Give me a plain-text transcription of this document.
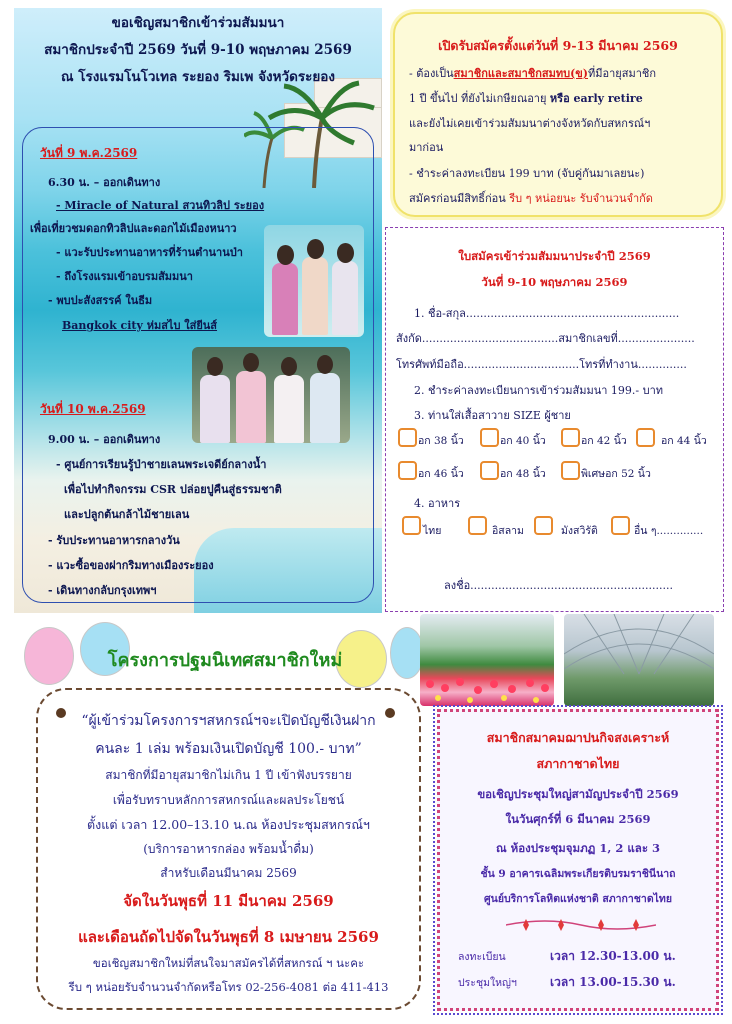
ขอเชิญสมาชิกเข้าร่วมสัมมนา
สมาชิกประจำปี 2569 วันที่ 9-10 พฤษภาคม 2569
ณ โรงแรมโนโวเทล ระยอง ริมเพ จังหวัดระยอง
วันที่ 9 พ.ค.2569
6.30 น. – ออกเดินทาง
- Miracle of Natural สวนทิวลิป ระยอง
เพื่อเที่ยวชมดอกทิวลิปและดอกไม้เมืองหนาว
- แวะรับประทานอาหารที่ร้านตำนานป่า
- ถึงโรงแรมเข้าอบรมสัมมนา
- พบปะสังสรรค์ ในธีม
Bangkok city ห่มสไบ ใส่ยีนส์
วันที่ 10 พ.ค.2569
9.00 น. – ออกเดินทาง
- ศูนย์การเรียนรู้ป่าชายเลนพระเจดีย์กลางน้ำ
เพื่อไปทำกิจกรรม CSR ปล่อยปูคืนสู่ธรรมชาติ
และปลูกต้นกล้าไม้ชายเลน
- รับประทานอาหารกลางวัน
- แวะซื้อของฝากริมทางเมืองระยอง
- เดินทางกลับกรุงเทพฯ
เปิดรับสมัครตั้งแต่วันที่ 9-13 มีนาคม 2569
- ต้องเป็นสมาชิกและสมาชิกสมทบ(ข)ที่มีอายุสมาชิก
1 ปี ขึ้นไป ที่ยังไม่เกษียณอายุ หรือ early retire
และยังไม่เคยเข้าร่วมสัมมนาต่างจังหวัดกับสหกรณ์ฯ
มาก่อน
- ชำระค่าลงทะเบียน 199 บาท (จับคู่กันมาเลยนะ)
สมัครก่อนมีสิทธิ์ก่อน รีบ ๆ หน่อยนะ รับจำนวนจำกัด
ใบสมัครเข้าร่วมสัมมนาประจำปี 2569
วันที่ 9-10 พฤษภาคม 2569
1. ชื่อ-สกุล.............................................................
สังกัด.......................................สมาชิกเลขที่......................
โทรศัพท์มือถือ.................................โทรที่ทำงาน..............
2. ชำระค่าลงทะเบียนการเข้าร่วมสัมมนา 199.- บาท
3. ท่านใส่เสื้อสาวาย SIZE ผู้ชาย
อก 38 นิ้ว	อก 40 นิ้ว	อก 42 นิ้ว	อก 44 นิ้ว
อก 46 นิ้ว	อก 48 นิ้ว	พิเศษอก 52 นิ้ว
4. อาหาร
ไทย	อิสลาม	มังสวิรัติ	อื่น ๆ..............
ลงชื่อ..........................................................
โครงการปฐมนิเทศสมาชิกใหม่
“ผู้เข้าร่วมโครงการฯสหกรณ์ฯจะเปิดบัญชีเงินฝาก
คนละ 1 เล่ม พร้อมเงินเปิดบัญชี 100.- บาท”
สมาชิกที่มีอายุสมาชิกไม่เกิน 1 ปี เข้าฟังบรรยาย
เพื่อรับทราบหลักการสหกรณ์และผลประโยชน์
ตั้งแต่ เวลา 12.00–13.10 น.ณ ห้องประชุมสหกรณ์ฯ
(บริการอาหารกล่อง พร้อมน้ำดื่ม)
สำหรับเดือนมีนาคม 2569
จัดในวันพุธที่ 11 มีนาคม 2569
และเดือนถัดไปจัดในวันพุธที่ 8 เมษายน 2569
ขอเชิญสมาชิกใหม่ที่สนใจมาสมัครได้ที่สหกรณ์ ฯ นะคะ
รีบ ๆ หน่อยรับจำนวนจำกัดหรือโทร 02-256-4081 ต่อ 411-413
สมาชิกสมาคมฌาปนกิจสงเคราะห์
สภากาชาดไทย
ขอเชิญประชุมใหญ่สามัญประจำปี 2569
ในวันศุกร์ที่ 6 มีนาคม 2569
ณ ห้องประชุมจุมภฏ 1, 2 และ 3
ชั้น 9 อาคารเฉลิมพระเกียรติบรมราชินีนาถ
ศูนย์บริการโลหิตแห่งชาติ สภากาชาดไทย
ลงทะเบียน	เวลา 12.30-13.00 น.
ประชุมใหญ่ฯ	เวลา 13.00-15.30 น.
